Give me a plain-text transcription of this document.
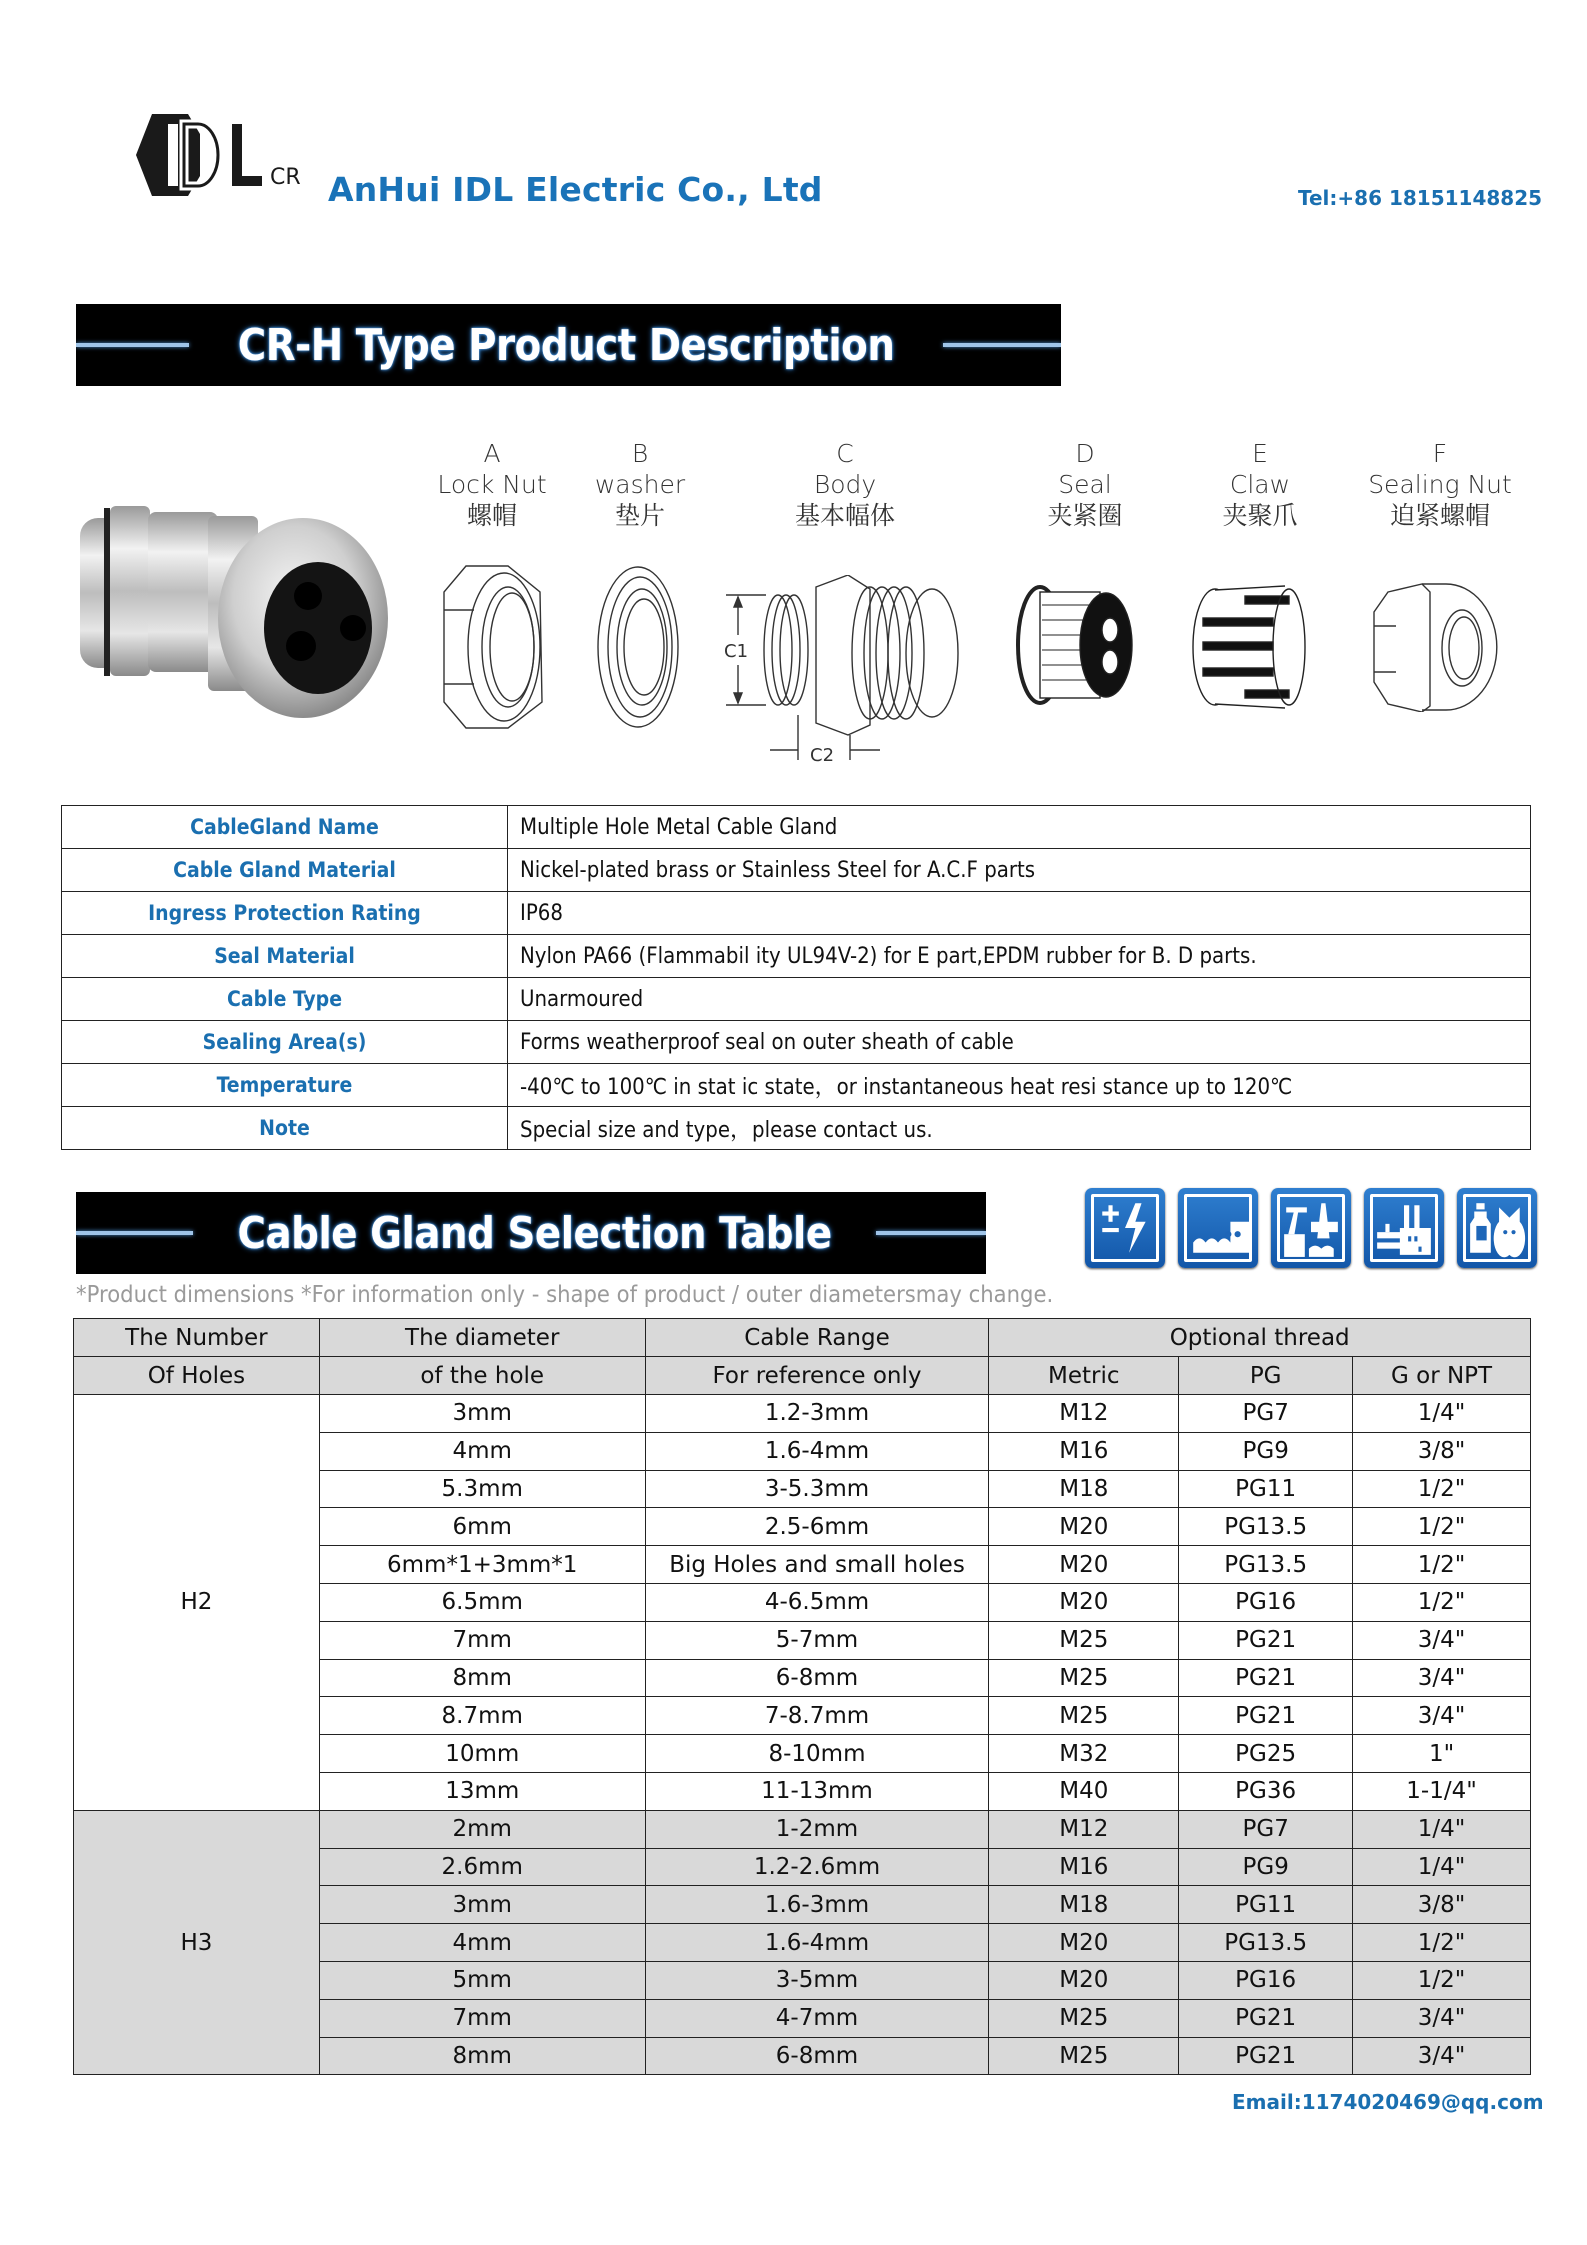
CR AnHui IDL Electric Co., Ltd	Tel:+86 18151148825
CR-H Type Product Description
A
Lock Nut
螺帽
B
washer
垫片
C
Body
基本幅体
D
Seal
夹紧圈
E
Claw
夹聚爪
F
Sealing Nut
迫紧螺帽
C1
C2
CableGland Name	Multiple Hole Metal Cable Gland
Cable Gland Material	Nickel-plated brass or Stainless Steel for A.C.F parts
Ingress Protection Rating	IP68
Seal Material	Nylon PA66 (Flammabil ity UL94V-2) for E part,EPDM rubber for B. D parts.
Cable Type	Unarmoured
Sealing Area(s)	Forms weatherproof seal on outer sheath of cable
Temperature	-40℃ to 100℃ in stat ic state，or instantaneous heat resi stance up to 120℃
Note	Special size and type，please contact us.
Cable Gland Selection Table
*Product dimensions *For information only - shape of product / outer diametersmay change.
The Number	The diameter	Cable Range	Optional thread		
Of Holes	of the hole	For reference only	Metric	PG	G or NPT
H2	3mm	1.2-3mm	M12	PG7	1/4"
	4mm	1.6-4mm	M16	PG9	3/8"
	5.3mm	3-5.3mm	M18	PG11	1/2"
	6mm	2.5-6mm	M20	PG13.5	1/2"
	6mm*1+3mm*1	Big Holes and small holes	M20	PG13.5	1/2"
	6.5mm	4-6.5mm	M20	PG16	1/2"
	7mm	5-7mm	M25	PG21	3/4"
	8mm	6-8mm	M25	PG21	3/4"
	8.7mm	7-8.7mm	M25	PG21	3/4"
	10mm	8-10mm	M32	PG25	1"
	13mm	11-13mm	M40	PG36	1-1/4"
H3	2mm	1-2mm	M12	PG7	1/4"
	2.6mm	1.2-2.6mm	M16	PG9	1/4"
	3mm	1.6-3mm	M18	PG11	3/8"
	4mm	1.6-4mm	M20	PG13.5	1/2"
	5mm	3-5mm	M20	PG16	1/2"
	7mm	4-7mm	M25	PG21	3/4"
	8mm	6-8mm	M25	PG21	3/4"
Email:1174020469@qq.com
